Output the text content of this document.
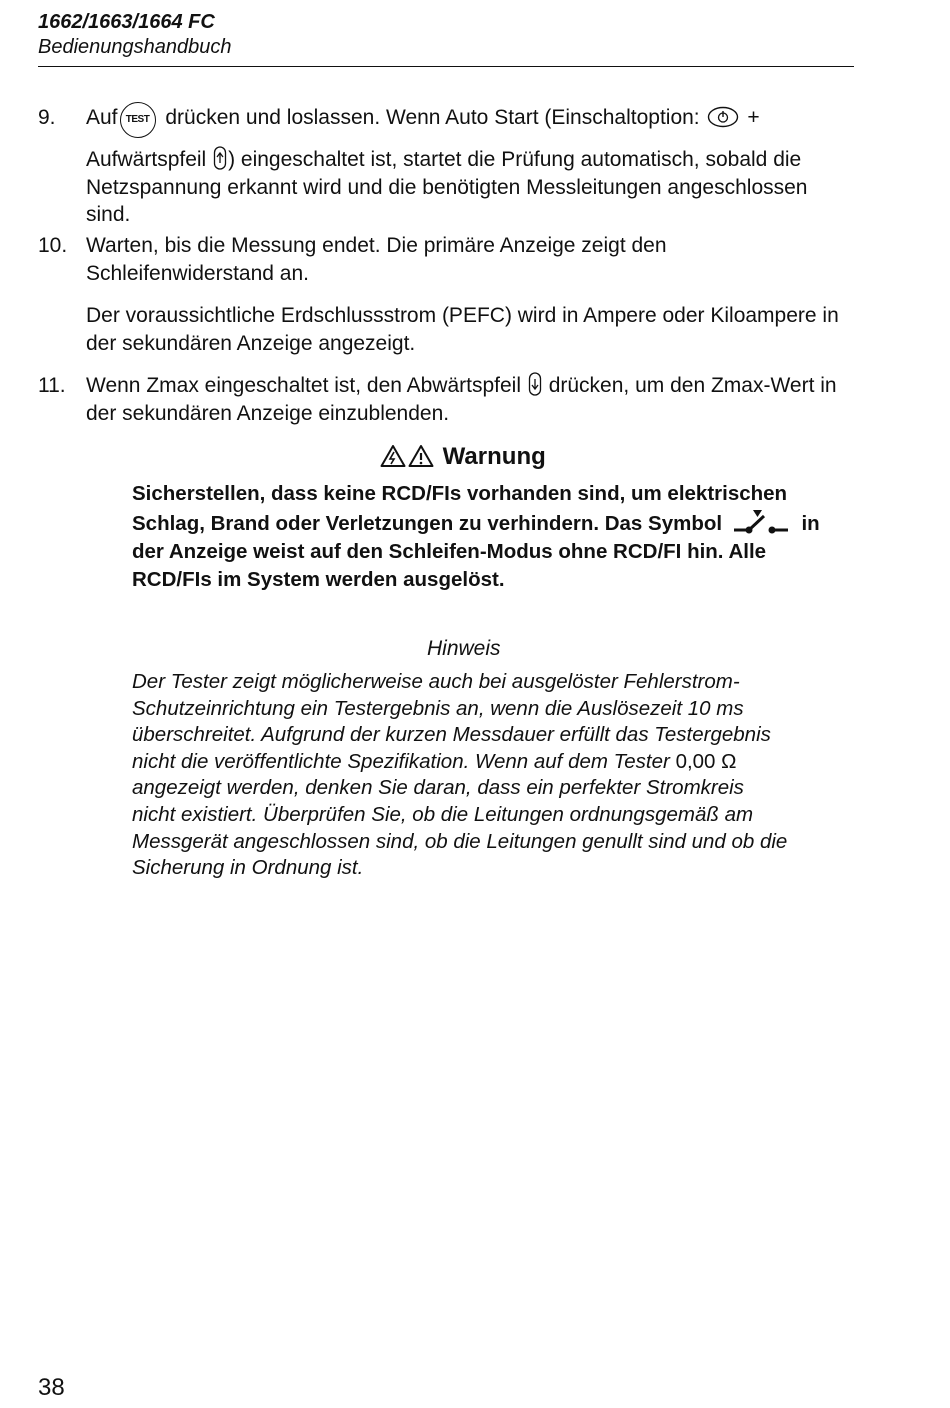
1662/1663/1664 FC
Bedienungshandbuch
9. Auf TEST drücken und loslassen. Wenn Auto Start (Einschaltoption: + Aufwärtspfeil ) eingeschaltet ist, startet die Prüfung automatisch, sobald die Netzspannung erkannt wird und die benötigten Messleitungen angeschlossen sind.
10. Warten, bis die Messung endet. Die primäre Anzeige zeigt den Schleifenwiderstand an.
Der voraussichtliche Erdschlussstrom (PEFC) wird in Ampere oder Kiloampere in der sekundären Anzeige angezeigt.
11. Wenn Zmax eingeschaltet ist, den Abwärtspfeil drücken, um den Zmax-Wert in der sekundären Anzeige einzublenden.
Warnung
Sicherstellen, dass keine RCD/FIs vorhanden sind, um elektrischen Schlag, Brand oder Verletzungen zu verhindern. Das Symbol	in der Anzeige weist auf den Schleifen-Modus ohne RCD/FI hin. Alle RCD/FIs im System werden ausgelöst.
Hinweis
Der Tester zeigt möglicherweise auch bei ausgelöster Fehlerstrom-Schutzeinrichtung ein Testergebnis an, wenn die Auslösezeit 10 ms überschreitet. Aufgrund der kurzen Messdauer erfüllt das Testergebnis nicht die veröffentlichte Spezifikation. Wenn auf dem Tester 0,00 Ω angezeigt werden, denken Sie daran, dass ein perfekter Stromkreis nicht existiert. Überprüfen Sie, ob die Leitungen ordnungsgemäß am Messgerät angeschlossen sind, ob die Leitungen genullt sind und ob die Sicherung in Ordnung ist.
38
